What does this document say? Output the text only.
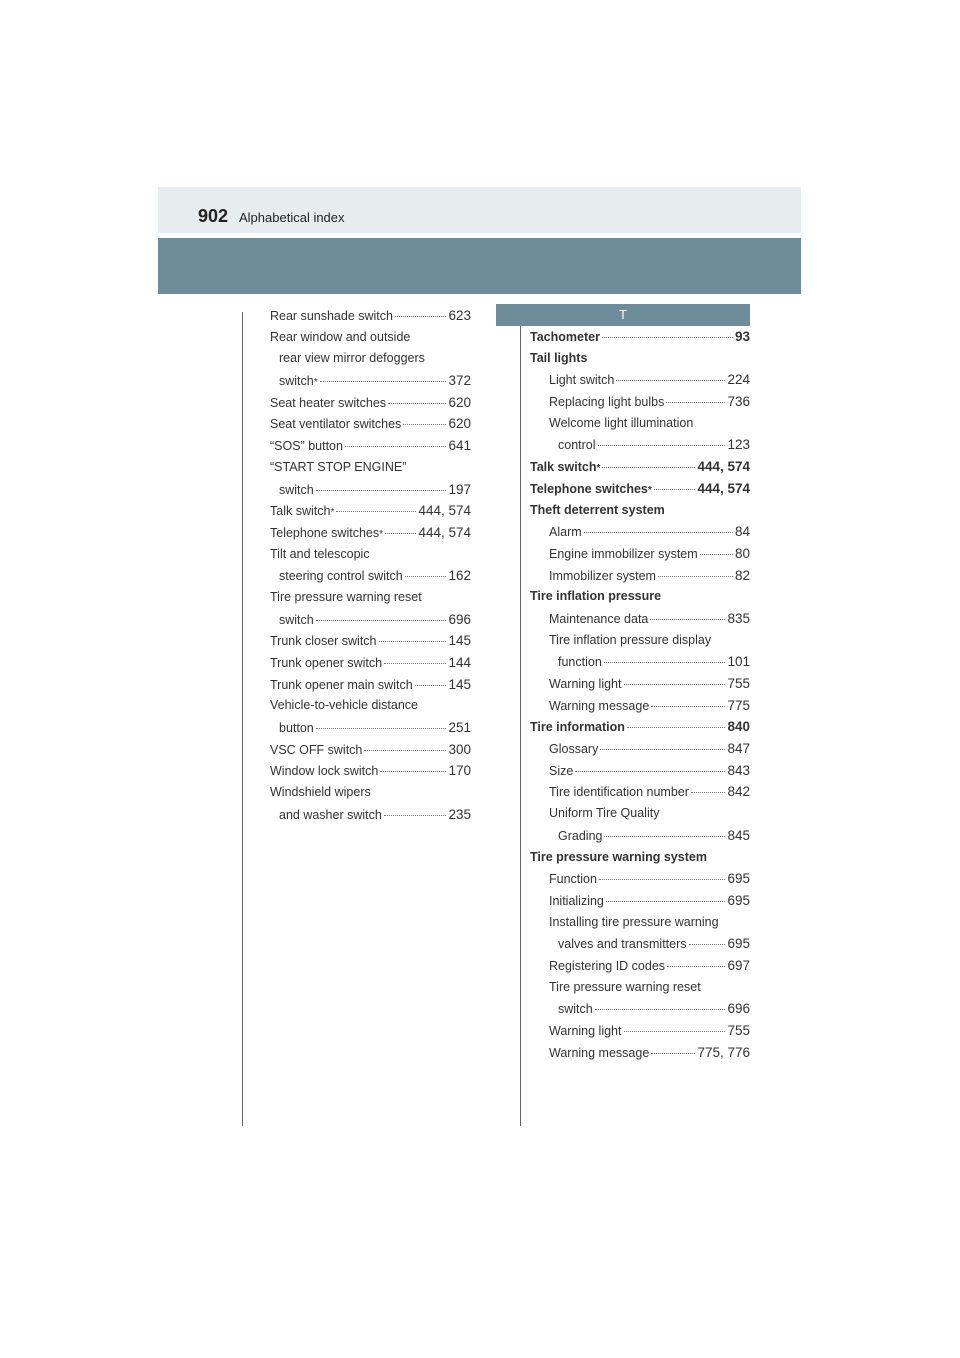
902 Alphabetical index
Rear sunshade switch	623
Rear window and outside
rear view mirror defoggers
switch *	372
Seat heater switches	620
Seat ventilator switches	620
“SOS” button	641
“START STOP ENGINE”
switch	197
Talk switch *	444, 574
Telephone switches *	444, 574
Tilt and telescopic
steering control switch	162
Tire pressure warning reset
switch	696
Trunk closer switch	145
Trunk opener switch	144
Trunk opener main switch	145
Vehicle-to-vehicle distance
button	251
VSC OFF switch	300
Window lock switch	170
Windshield wipers
and washer switch	235
T
Tachometer	93
Tail lights
Light switch	224
Replacing light bulbs	736
Welcome light illumination
control	123
Talk switch *	444, 574
Telephone switches *	444, 574
Theft deterrent system
Alarm	84
Engine immobilizer system	80
Immobilizer system	82
Tire inflation pressure
Maintenance data	835
Tire inflation pressure display
function	101
Warning light	755
Warning message	775
Tire information	840
Glossary	847
Size	843
Tire identification number	842
Uniform Tire Quality
Grading	845
Tire pressure warning system
Function	695
Initializing	695
Installing tire pressure warning
valves and transmitters	695
Registering ID codes	697
Tire pressure warning reset
switch	696
Warning light	755
Warning message	775, 776
